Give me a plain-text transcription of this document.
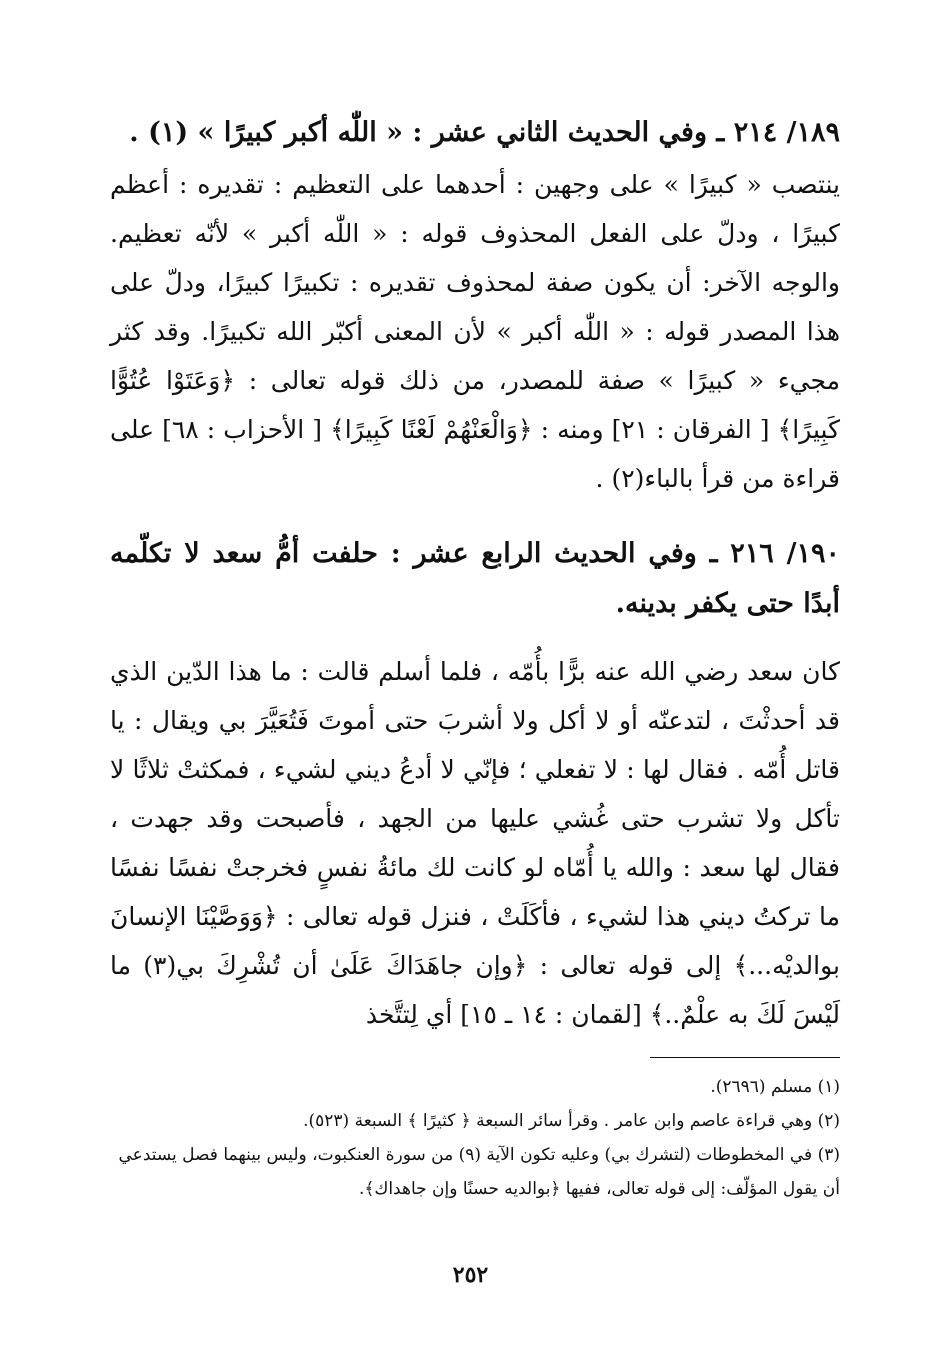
١٨٩/ ٢١٤ ـ وفي الحديث الثاني عشر : « اللّٰه أكبر كبيرًا » (١) .

ينتصب « كبيرًا » على وجهين : أحدهما على التعظيم : تقديره : أعظم كبيرًا ، ودلّ على الفعل المحذوف قوله : « اللّٰه أكبر » لأنّه تعظيم. والوجه الآخر: أن يكون صفة لمحذوف تقديره : تكبيرًا كبيرًا، ودلّ على هذا المصدر قوله : « اللّٰه أكبر » لأن المعنى أكبّر الله تكبيرًا. وقد كثر مجيء « كبيرًا » صفة للمصدر، من ذلك قوله تعالى : ﴿وَعَتَوْا عُتُوًّا كَبِيرًا﴾ [ الفرقان : ٢١] ومنه : ﴿وَالْعَنْهُمْ لَعْنًا كَبِيرًا﴾ [ الأحزاب : ٦٨] على قراءة من قرأ بالباء(٢) .

١٩٠/ ٢١٦ ـ وفي الحديث الرابع عشر : حلفت أمُّ سعد لا تكلّمه أبدًا حتى يكفر بدينه.

كان سعد رضي الله عنه برًّا بأُمّه ، فلما أسلم قالت : ما هذا الدّين الذي قد أحدثْتَ ، لتدعنّه أو لا أكل ولا أشربَ حتى أموتَ فَتُعَيَّرَ بي ويقال : يا قاتل أُمّه . فقال لها : لا تفعلي ؛ فإنّي لا أدعُ ديني لشيء ، فمكثتْ ثلاثًا لا تأكل ولا تشرب حتى غُشي عليها من الجهد ، فأصبحت وقد جهدت ، فقال لها سعد : والله يا أُمّاه لو كانت لك مائةُ نفسٍ فخرجتْ نفسًا نفسًا ما تركتُ ديني هذا لشيء ، فأكَلَتْ ، فنزل قوله تعالى : ﴿وَوَصَّيْنَا الإنسانَ بوالديْه...﴾ إلى قوله تعالى : ﴿وإن جاهَدَاكَ عَلَىٰ أن تُشْرِكَ بي(٣) ما لَيْسَ لَكَ به علْمٌ..﴾ [لقمان : ١٤ ـ ١٥] أي لِتتَّخذ

(١) مسلم (٢٦٩٦).
(٢) وهي قراءة عاصم وابن عامر . وقرأ سائر السبعة ﴿ كثيرًا ﴾ السبعة (٥٢٣).
(٣) في المخطوطات (لتشرك بي) وعليه تكون الآية (٩) من سورة العنكبوت، وليس بينهما فصل يستدعي أن يقول المؤلّف: إلى قوله تعالى، ففيها ﴿بوالديه حسنًا وإن جاهداك﴾.
٢٥٢
